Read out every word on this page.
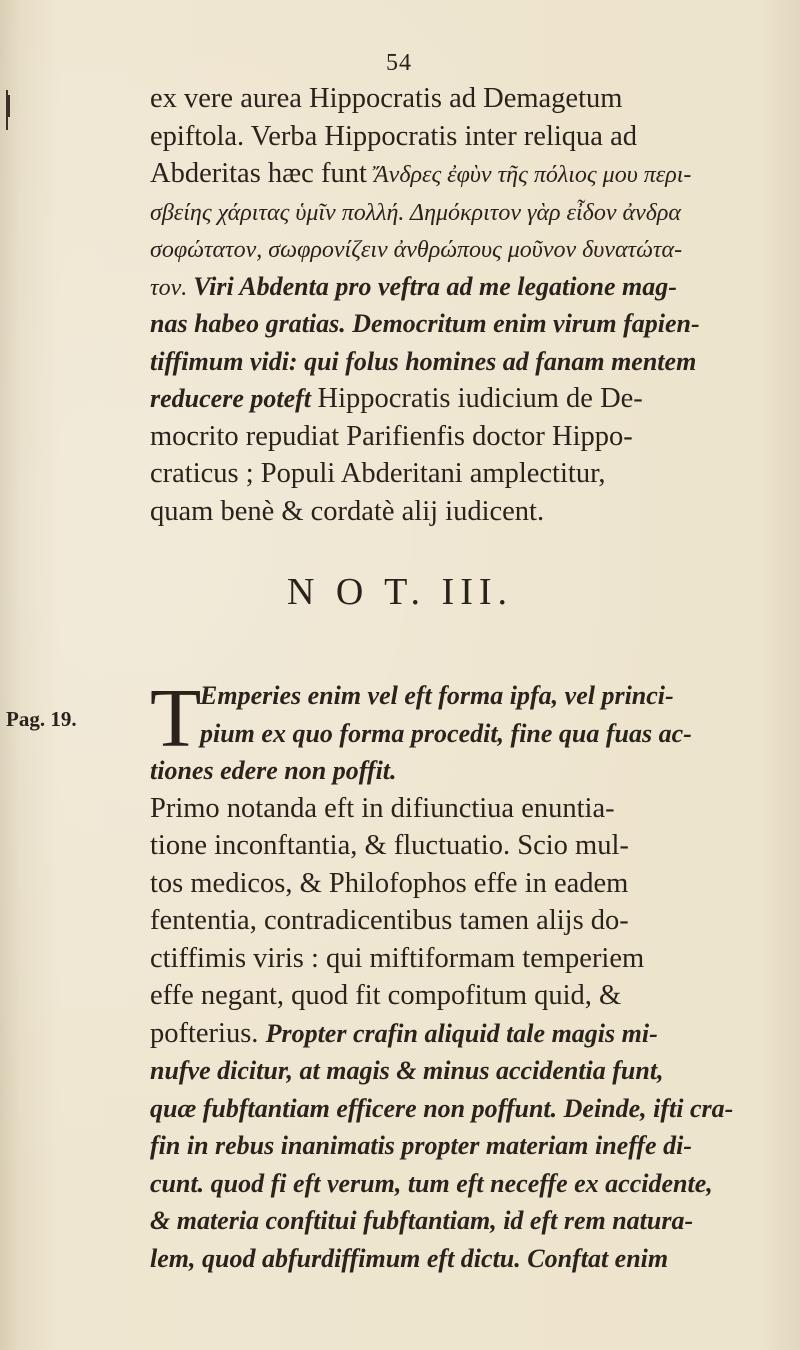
54
ex vere aurea Hippocratis ad Demagetum
epiftola. Verba Hippocratis inter reliqua ad
Abderitas hæc funt Ἄνδρες ἐφὺν τῆς πόλιος μου περι-
σβείης χάριτας ὑμῖν πολλή. Δημόκριτον γὰρ εἶδον ἀνδρα
σοφώτατον, σωφρονίζειν ἀνθρώπους μοῦνον δυνατώτα-
τον. Viri Abdenta pro veftra ad me legatione mag-
nas habeo gratias. Democritum enim virum fapien-
tiffimum vidi: qui folus homines ad fanam mentem
reducere poteft Hippocratis iudicium de De-
mocrito repudiat Parifienfis doctor Hippo-
craticus ; Populi Abderitani amplectitur,
quam benè & cordatè alij iudicent.
N O T. III.
Pag. 19. T
Emperies enim vel eft forma ipfa, vel princi-
pium ex quo forma procedit, fine qua fuas ac-
tiones edere non poffit.
Primo notanda eft in difiunctiua enuntia-
tione inconftantia, & fluctuatio. Scio mul-
tos medicos, & Philofophos effe in eadem
fententia, contradicentibus tamen alijs do-
ctiffimis viris : qui miftiformam temperiem
effe negant, quod fit compofitum quid, &
pofterius. Propter crafin aliquid tale magis mi-
nufve dicitur, at magis & minus accidentia funt,
quæ fubftantiam efficere non poffunt. Deinde, ifti cra-
fin in rebus inanimatis propter materiam ineffe di-
cunt. quod fi eft verum, tum eft neceffe ex accidente,
& materia conftitui fubftantiam, id eft rem natura-
lem, quod abfurdiffimum eft dictu. Conftat enim
